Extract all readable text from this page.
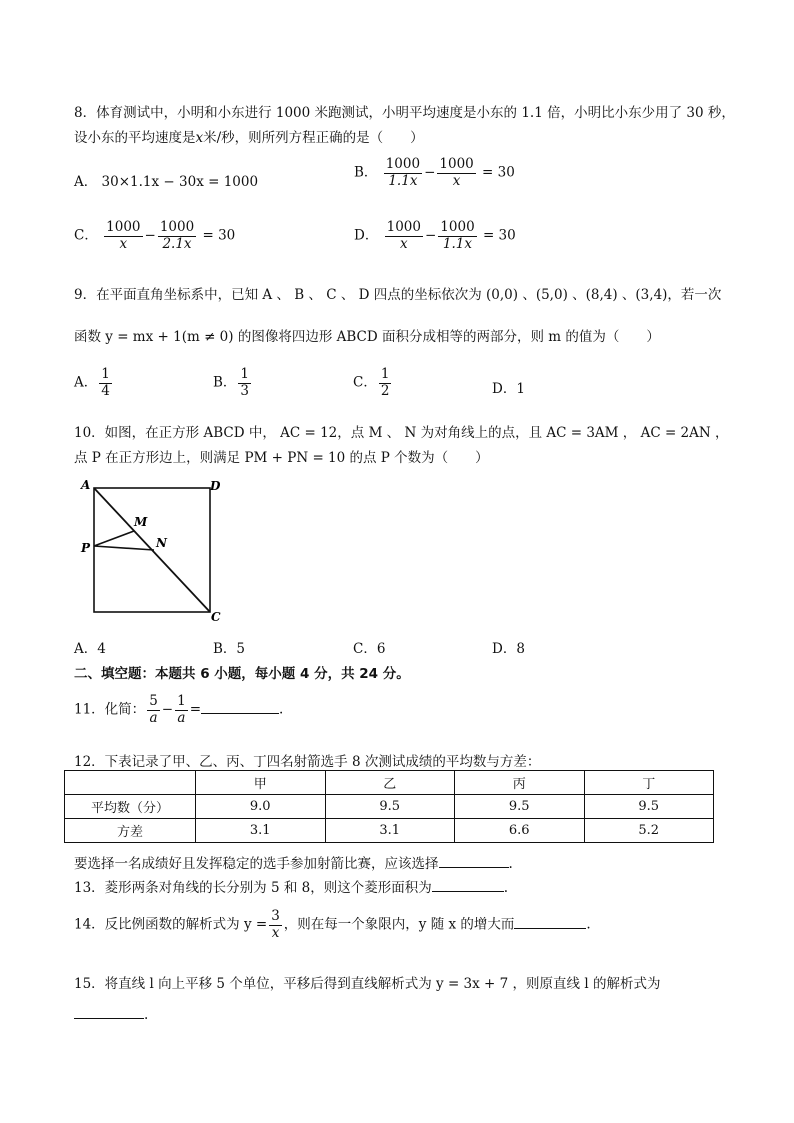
8．体育测试中，小明和小东进行 1000 米跑测试，小明平均速度是小东的 1.1 倍，小明比小东少用了 30 秒，
设小东的平均速度是x米/秒，则所列方程正确的是（　　）
A． 30×1.1x − 30x = 1000
B． $\frac{1000}{1.1x} - \frac{1000}{x} = 30$
C． $\frac{1000}{x} - \frac{1000}{2.1x} = 30$	D． $\frac{1000}{x} - \frac{1000}{1.1x} = 30$
9．在平面直角坐标系中，已知 A 、 B 、 C 、 D 四点的坐标依次为 (0,0) 、(5,0) 、(8,4) 、(3,4)，若一次
函数 y = mx + 1(m ≠ 0) 的图像将四边形 ABCD 面积分成相等的两部分，则 m 的值为（　　）
A． $\frac{1}{4}$	B． $\frac{1}{3}$	C． $\frac{1}{2}$	D．1
10．如图，在正方形 ABCD 中， AC = 12，点 M 、 N 为对角线上的点，且 AC = 3AM ， AC = 2AN ，
点 P 在正方形边上，则满足 PM + PN = 10 的点 P 个数为（　　）
A	D
M
P	N
C
A．4	B．5	C．6	D．8
二、填空题：本题共 6 小题，每小题 4 分，共 24 分。
11．化简： $\frac{5}{a} - \frac{1}{a}$ =	.
12．下表记录了甲、乙、丙、丁四名射箭选手 8 次测试成绩的平均数与方差：
	甲	乙	丙	丁
平均数（分）	9.0	9.5	9.5	9.5
方差	3.1	3.1	6.6	5.2
要选择一名成绩好且发挥稳定的选手参加射箭比赛，应该选择	.
13．菱形两条对角线的长分别为 5 和 8，则这个菱形面积为	.
14．反比例函数的解析式为 $y = \frac{3}{x}$ ，则在每一个象限内，y 随 x 的增大而	.
15．将直线 l 向上平移 5 个单位，平移后得到直线解析式为 y = 3x + 7 ，则原直线 l 的解析式为
.
